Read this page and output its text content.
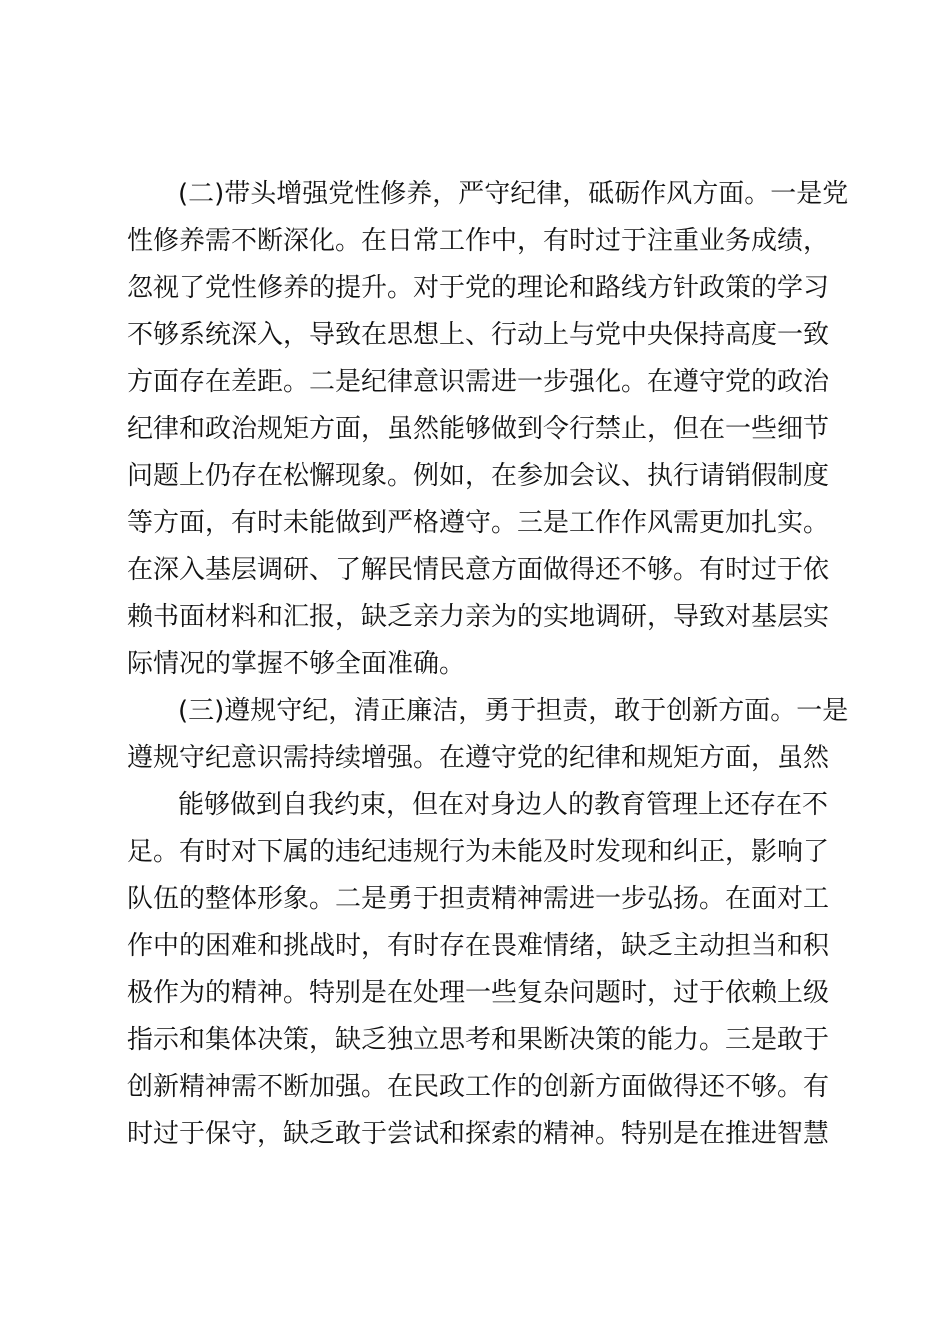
(二)带头增强党性修养，严守纪律，砥砺作风方面。一是党
性修养需不断深化。在日常工作中，有时过于注重业务成绩，
忽视了党性修养的提升。对于党的理论和路线方针政策的学习
不够系统深入，导致在思想上、行动上与党中央保持高度一致
方面存在差距。二是纪律意识需进一步强化。在遵守党的政治
纪律和政治规矩方面，虽然能够做到令行禁止，但在一些细节
问题上仍存在松懈现象。例如，在参加会议、执行请销假制度
等方面，有时未能做到严格遵守。三是工作作风需更加扎实。
在深入基层调研、了解民情民意方面做得还不够。有时过于依
赖书面材料和汇报，缺乏亲力亲为的实地调研，导致对基层实
际情况的掌握不够全面准确。
(三)遵规守纪，清正廉洁，勇于担责，敢于创新方面。一是
遵规守纪意识需持续增强。在遵守党的纪律和规矩方面，虽然
能够做到自我约束，但在对身边人的教育管理上还存在不
足。有时对下属的违纪违规行为未能及时发现和纠正，影响了
队伍的整体形象。二是勇于担责精神需进一步弘扬。在面对工
作中的困难和挑战时，有时存在畏难情绪，缺乏主动担当和积
极作为的精神。特别是在处理一些复杂问题时，过于依赖上级
指示和集体决策，缺乏独立思考和果断决策的能力。三是敢于
创新精神需不断加强。在民政工作的创新方面做得还不够。有
时过于保守，缺乏敢于尝试和探索的精神。特别是在推进智慧
